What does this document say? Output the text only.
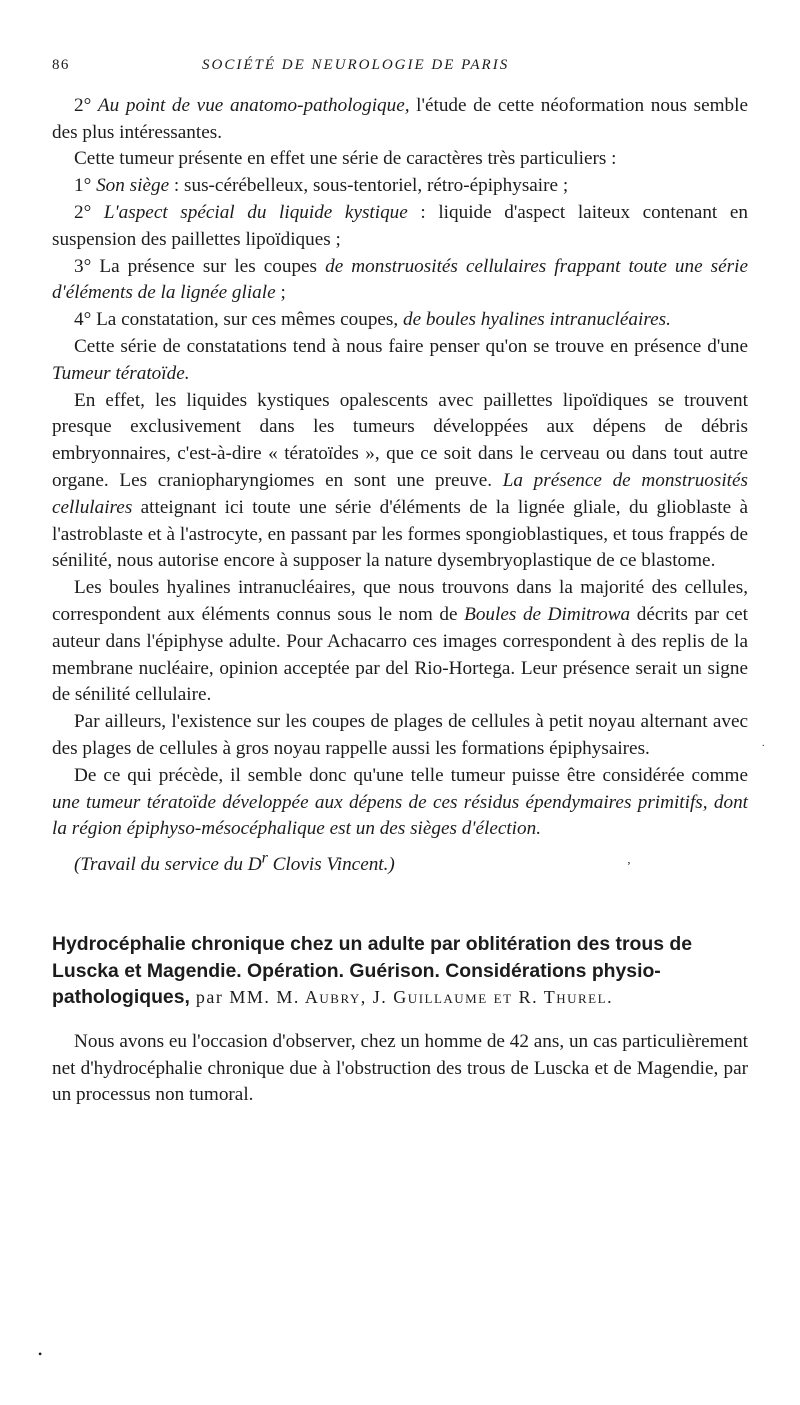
86	SOCIÉTÉ DE NEUROLOGIE DE PARIS

2° Au point de vue anatomo-pathologique, l'étude de cette néoformation nous semble des plus intéressantes.

Cette tumeur présente en effet une série de caractères très particuliers :

1° Son siège : sus-cérébelleux, sous-tentoriel, rétro-épiphysaire ;

2° L'aspect spécial du liquide kystique : liquide d'aspect laiteux contenant en suspension des paillettes lipoïdiques ;

3° La présence sur les coupes de monstruosités cellulaires frappant toute une série d'éléments de la lignée gliale ;

4° La constatation, sur ces mêmes coupes, de boules hyalines intranucléaires.

Cette série de constatations tend à nous faire penser qu'on se trouve en présence d'une Tumeur tératoïde.

En effet, les liquides kystiques opalescents avec paillettes lipoïdiques se trouvent presque exclusivement dans les tumeurs développées aux dépens de débris embryonnaires, c'est-à-dire « tératoïdes », que ce soit dans le cerveau ou dans tout autre organe. Les craniopharyngiomes en sont une preuve. La présence de monstruosités cellulaires atteignant ici toute une série d'éléments de la lignée gliale, du glioblaste à l'astroblaste et à l'astrocyte, en passant par les formes spongioblastiques, et tous frappés de sénilité, nous autorise encore à supposer la nature dysembryoplastique de ce blastome.

Les boules hyalines intranucléaires, que nous trouvons dans la majorité des cellules, correspondent aux éléments connus sous le nom de Boules de Dimitrowa décrits par cet auteur dans l'épiphyse adulte. Pour Achacarro ces images correspondent à des replis de la membrane nucléaire, opinion acceptée par del Rio-Hortega. Leur présence serait un signe de sénilité cellulaire.

Par ailleurs, l'existence sur les coupes de plages de cellules à petit noyau alternant avec des plages de cellules à gros noyau rappelle aussi les formations épiphysaires.

De ce qui précède, il semble donc qu'une telle tumeur puisse être considérée comme une tumeur tératoïde développée aux dépens de ces résidus épendymaires primitifs, dont la région épiphyso-mésocéphalique est un des sièges d'élection.

(Travail du service du $D^r$ Clovis Vincent.)	ʼ

Hydrocéphalie chronique chez un adulte par oblitération des trous de Luscka et Magendie. Opération. Guérison. Considérations physio-pathologiques, par MM. M. Aubry, J. Guillaume et R. Thurel.

Nous avons eu l'occasion d'observer, chez un homme de 42 ans, un cas particulièrement net d'hydrocéphalie chronique due à l'obstruction des trous de Luscka et de Magendie, par un processus non tumoral.

•
.
